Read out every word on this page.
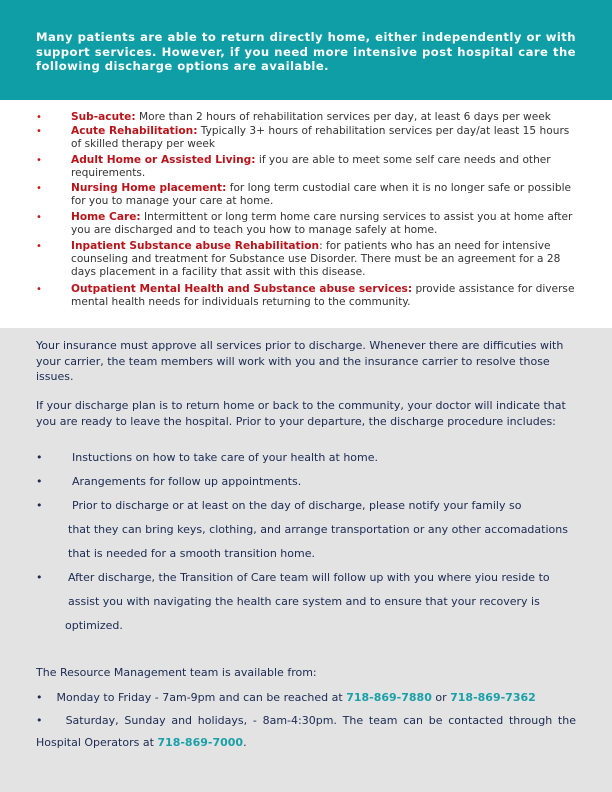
Many patients are able to return directly home, either independently or with support services. However, if you need more intensive post hospital care the following discharge options are available.

•	Sub-acute: More than 2 hours of rehabilitation services per day, at least 6 days per week
•	Acute Rehabilitation: Typically 3+ hours of rehabilitation services per day/at least 15 hours of skilled therapy per week
•	Adult Home or Assisted Living: if you are able to meet some self care needs and other requirements.
•	Nursing Home placement: for long term custodial care when it is no longer safe or possible for you to manage your care at home.
•	Home Care: Intermittent or long term home care nursing services to assist you at home after you are discharged and to teach you how to manage safely at home.
•	Inpatient Substance abuse Rehabilitation: for patients who has an need for intensive counseling and treatment for Substance use Disorder. There must be an agreement for a 28 days placement in a facility that assit with this disease.
•	Outpatient Mental Health and Substance abuse services: provide assistance for diverse mental health needs for individuals returning to the community.

Your insurance must approve all services prior to discharge. Whenever there are difficuties with your carrier, the team members will work with you and the insurance carrier to resolve those issues.

If your discharge plan is to return home or back to the community, your doctor will indicate that you are ready to leave the hospital. Prior to your departure, the discharge procedure includes:

•	Instuctions on how to take care of your health at home.
•	Arangements for follow up appointments.
•	Prior to discharge or at least on the day of discharge, please notify your family so
that they can bring keys, clothing, and arrange transportation or any other accomadations
that is needed for a smooth transition home.
• After discharge, the Transition of Care team will follow up with you where yiou reside to
assist you with navigating the health care system and to ensure that your recovery is
optimized.

The Resource Management team is available from:

• Monday to Friday - 7am-9pm and can be reached at 718-869-7880 or 718-869-7362

• Saturday, Sunday and holidays, - 8am-4:30pm. The team can be contacted through the Hospital Operators at 718-869-7000.
